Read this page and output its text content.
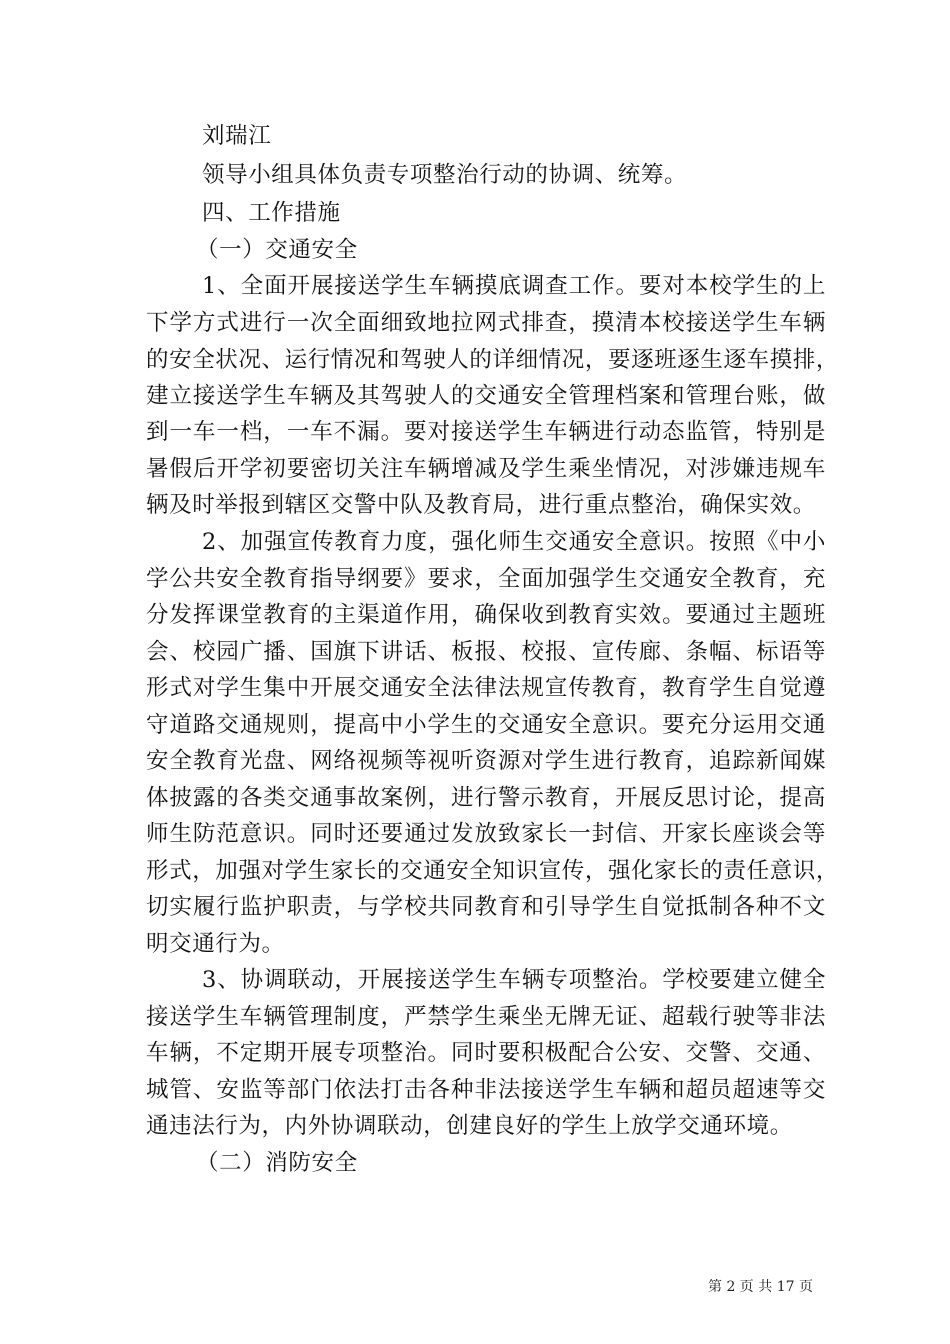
刘瑞江
领导小组具体负责专项整治行动的协调、统筹。
四、工作措施
（一）交通安全
1、全面开展接送学生车辆摸底调查工作。要对本校学生的上
下学方式进行一次全面细致地拉网式排查，摸清本校接送学生车辆
的安全状况、运行情况和驾驶人的详细情况，要逐班逐生逐车摸排，
建立接送学生车辆及其驾驶人的交通安全管理档案和管理台账，做
到一车一档，一车不漏。要对接送学生车辆进行动态监管，特别是
暑假后开学初要密切关注车辆增减及学生乘坐情况，对涉嫌违规车
辆及时举报到辖区交警中队及教育局，进行重点整治，确保实效。
2、加强宣传教育力度，强化师生交通安全意识。按照《中小
学公共安全教育指导纲要》要求，全面加强学生交通安全教育，充
分发挥课堂教育的主渠道作用，确保收到教育实效。要通过主题班
会、校园广播、国旗下讲话、板报、校报、宣传廊、条幅、标语等
形式对学生集中开展交通安全法律法规宣传教育，教育学生自觉遵
守道路交通规则，提高中小学生的交通安全意识。要充分运用交通
安全教育光盘、网络视频等视听资源对学生进行教育，追踪新闻媒
体披露的各类交通事故案例，进行警示教育，开展反思讨论，提高
师生防范意识。同时还要通过发放致家长一封信、开家长座谈会等
形式，加强对学生家长的交通安全知识宣传，强化家长的责任意识，
切实履行监护职责，与学校共同教育和引导学生自觉抵制各种不文
明交通行为。
3、协调联动，开展接送学生车辆专项整治。学校要建立健全
接送学生车辆管理制度，严禁学生乘坐无牌无证、超载行驶等非法
车辆，不定期开展专项整治。同时要积极配合公安、交警、交通、
城管、安监等部门依法打击各种非法接送学生车辆和超员超速等交
通违法行为，内外协调联动，创建良好的学生上放学交通环境。
（二）消防安全
第 2 页 共 17 页
